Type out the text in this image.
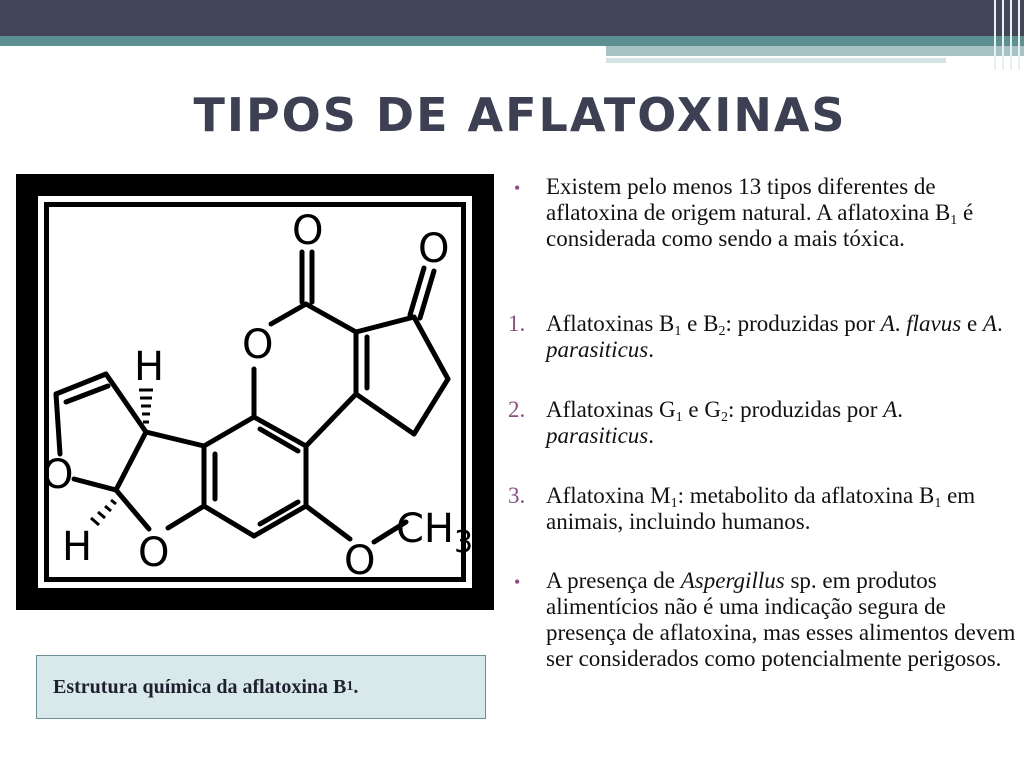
TIPOS DE AFLATOXINAS
O O
O
H
O
H O	O
$CH_3$
Estrutura química da aflatoxina B 1 .
• Existem pelo menos 13 tipos diferentes de aflatoxina de origem natural. A aflatoxina $B_1$ é considerada como sendo a mais tóxica.
1. Aflatoxinas $B_1$ e $B_2$: produzidas por A. flavus e A. parasiticus.
2. Aflatoxinas $G_1$ e $G_2$: produzidas por A. parasiticus.
3. Aflatoxina $M_1$: metabolito da aflatoxina $B_1$ em animais, incluindo humanos.
• A presença de Aspergillus sp. em produtos alimentícios não é uma indicação segura de presença de aflatoxina, mas esses alimentos devem ser considerados como potencialmente perigosos.
